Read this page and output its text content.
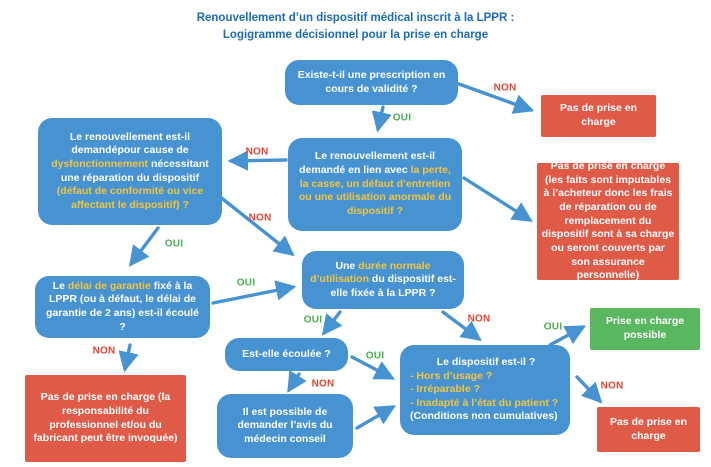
Renouvellement d’un dispositif médical inscrit à la LPPR :
Logigramme décisionnel pour la prise en charge
Existe-t-il une prescription en cours de validité ?
Le renouvellement est-il demandépour cause de dysfonctionnement nécessitant une réparation du dispositif (défaut de conformité ou vice affectant le dispositif) ?
Le renouvellement est-il demandé en lien avec la perte, la casse, un défaut d’entretien ou une utilisation anormale du dispositif ?
Pas de prise en charge
Pas de prise en charge (les faits sont imputables à l’acheteur donc les frais de réparation ou de remplacement du dispositif sont à sa charge ou seront couverts par son assurance personnelle)
Le délai de garantie fixé à la LPPR (ou à défaut, le délai de garantie de 2 ans) est-il écoulé ?
Une durée normale d’utilisation du dispositif est-elle fixée à la LPPR ?
Pas de prise en charge (la responsabilité du professionnel et/ou du fabricant peut être invoquée)
Est-elle écoulée ?
Il est possible de demander l’avis du médecin conseil
Le dispositif est-il ?
- Hors d’usage ?
- Irréparable ?
- Inadapté à l’état du patient ?
(Conditions non cumulatives)
Prise en charge possible
Pas de prise en charge
NON
OUI
NON
NON
OUI
OUI
NON
OUI	NON
OUI
NON
OUI
NON
